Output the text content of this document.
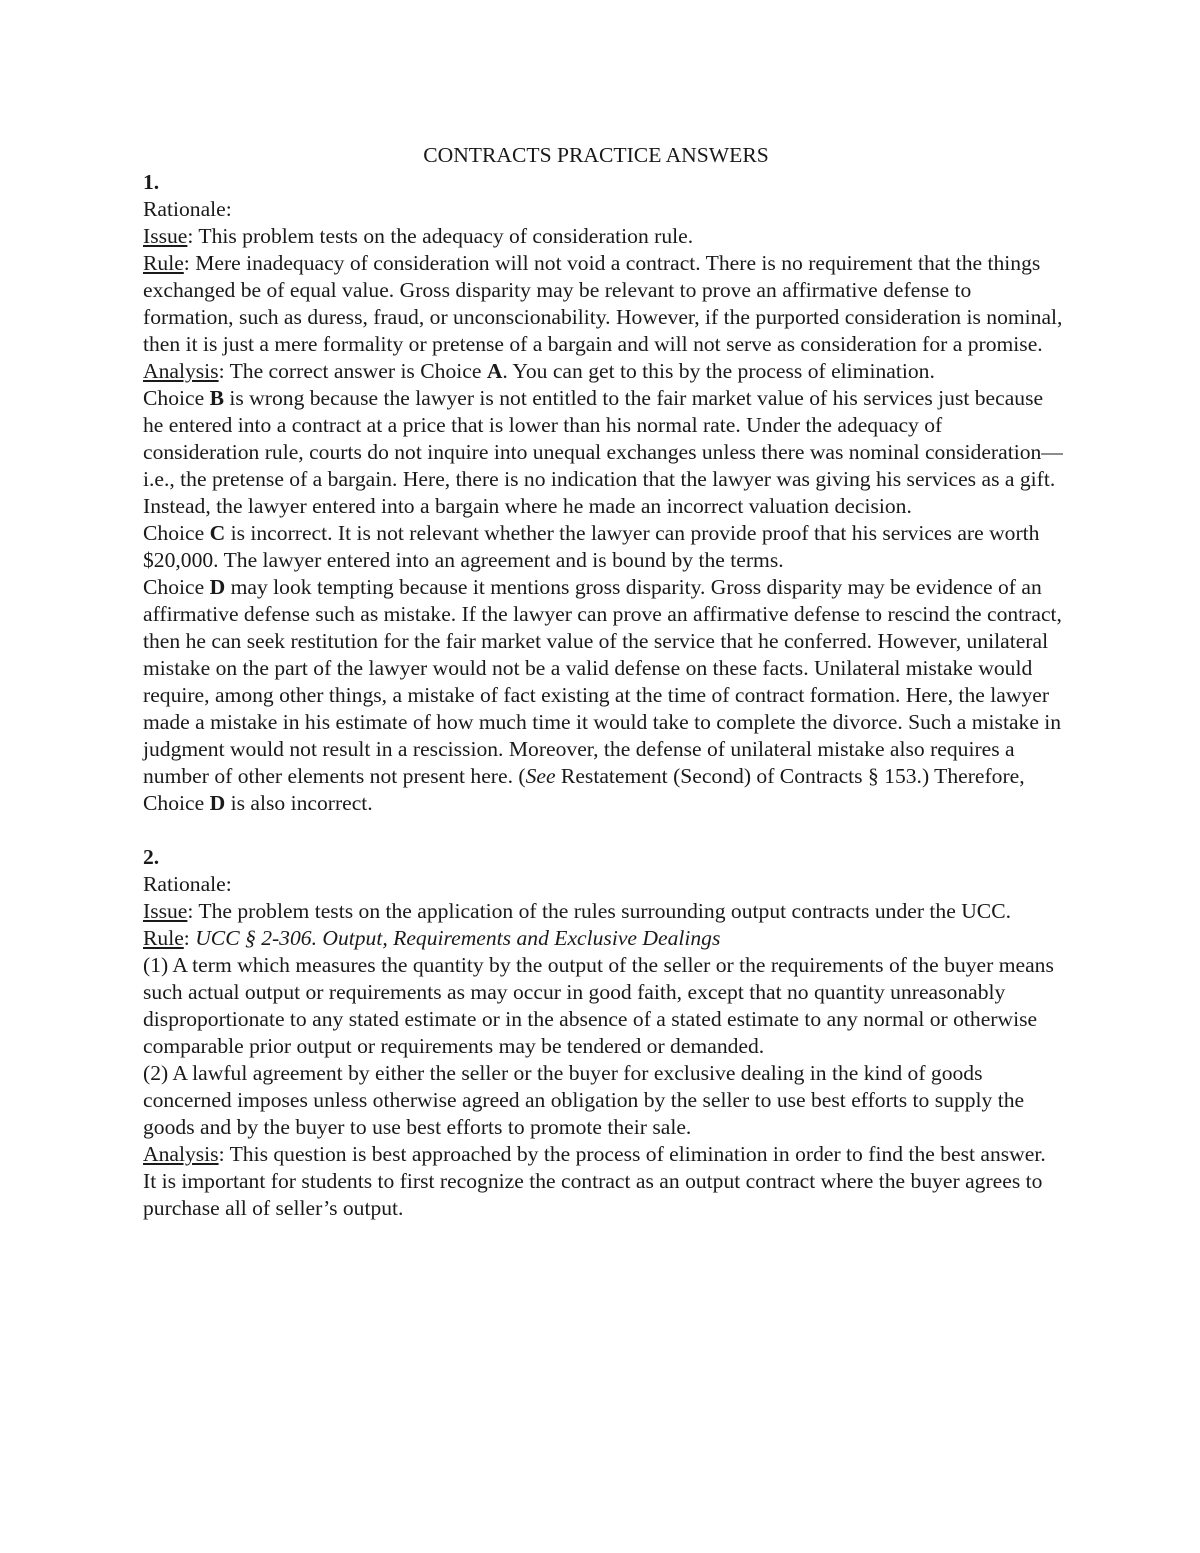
CONTRACTS PRACTICE ANSWERS

1.

Rationale:

Issue: This problem tests on the adequacy of consideration rule.

Rule: Mere inadequacy of consideration will not void a contract. There is no requirement that the things exchanged be of equal value. Gross disparity may be relevant to prove an affirmative defense to formation, such as duress, fraud, or unconscionability. However, if the purported consideration is nominal, then it is just a mere formality or pretense of a bargain and will not serve as consideration for a promise.

Analysis: The correct answer is Choice A. You can get to this by the process of elimination.

Choice B is wrong because the lawyer is not entitled to the fair market value of his services just because he entered into a contract at a price that is lower than his normal rate. Under the adequacy of consideration rule, courts do not inquire into unequal exchanges unless there was nominal consideration—i.e., the pretense of a bargain. Here, there is no indication that the lawyer was giving his services as a gift. Instead, the lawyer entered into a bargain where he made an incorrect valuation decision.

Choice C is incorrect. It is not relevant whether the lawyer can provide proof that his services are worth $20,000. The lawyer entered into an agreement and is bound by the terms.

Choice D may look tempting because it mentions gross disparity. Gross disparity may be evidence of an affirmative defense such as mistake. If the lawyer can prove an affirmative defense to rescind the contract, then he can seek restitution for the fair market value of the service that he conferred. However, unilateral mistake on the part of the lawyer would not be a valid defense on these facts. Unilateral mistake would require, among other things, a mistake of fact existing at the time of contract formation. Here, the lawyer made a mistake in his estimate of how much time it would take to complete the divorce. Such a mistake in judgment would not result in a rescission. Moreover, the defense of unilateral mistake also requires a number of other elements not present here. (See Restatement (Second) of Contracts § 153.) Therefore,

Choice D is also incorrect.

2.

Rationale:

Issue: The problem tests on the application of the rules surrounding output contracts under the UCC.

Rule: UCC § 2-306. Output, Requirements and Exclusive Dealings

(1) A term which measures the quantity by the output of the seller or the requirements of the buyer means such actual output or requirements as may occur in good faith, except that no quantity unreasonably disproportionate to any stated estimate or in the absence of a stated estimate to any normal or otherwise comparable prior output or requirements may be tendered or demanded.

(2) A lawful agreement by either the seller or the buyer for exclusive dealing in the kind of goods concerned imposes unless otherwise agreed an obligation by the seller to use best efforts to supply the goods and by the buyer to use best efforts to promote their sale.

Analysis: This question is best approached by the process of elimination in order to find the best answer. It is important for students to first recognize the contract as an output contract where the buyer agrees to purchase all of seller’s output.
